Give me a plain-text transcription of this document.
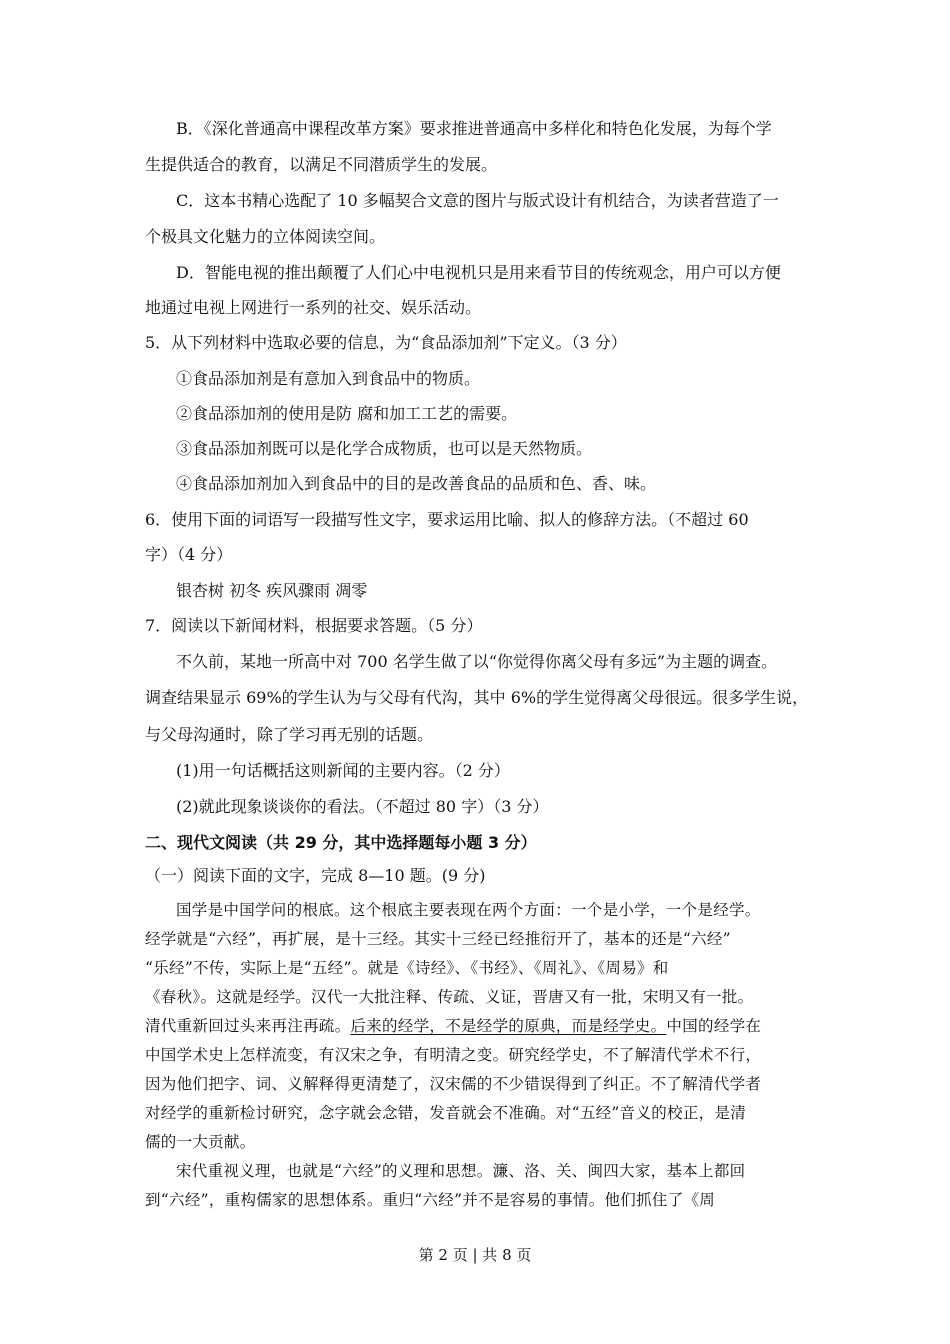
B．《深化普通高中课程改革方案》要求推进普通高中多样化和特色化发展，为每个学
生提供适合的教育，以满足不同潜质学生的发展。
C．这本书精心选配了 10 多幅契合文意的图片与版式设计有机结合，为读者营造了一
个极具文化魅力的立体阅读空间。
D．智能电视的推出颠覆了人们心中电视机只是用来看节目的传统观念，用户可以方便
地通过电视上网进行一系列的社交、娱乐活动。
5．从下列材料中选取必要的信息，为“食品添加剂”下定义。（3 分）
①食品添加剂是有意加入到食品中的物质。
②食品添加剂的使用是防 腐和加工工艺的需要。
③食品添加剂既可以是化学合成物质，也可以是天然物质。
④食品添加剂加入到食品中的目的是改善食品的品质和色、香、味。
6．使用下面的词语写一段描写性文字，要求运用比喻、拟人的修辞方法。（不超过 60
字）（4 分）
银杏树 初冬 疾风骤雨 凋零
7．阅读以下新闻材料，根据要求答题。（5 分）
不久前，某地一所高中对 700 名学生做了以“你觉得你离父母有多远”为主题的调查。
调查结果显示 69%的学生认为与父母有代沟，其中 6%的学生觉得离父母很远。很多学生说，
与父母沟通时，除了学习再无别的话题。
(1)用一句话概括这则新闻的主要内容。（2 分）
(2)就此现象谈谈你的看法。（不超过 80 字）（3 分）
二、现代文阅读（共 29 分，其中选择题每小题 3 分）
（一）阅读下面的文字，完成 8—10 题。(9 分)
国学是中国学问的根底。这个根底主要表现在两个方面：一个是小学，一个是经学。
经学就是“六经”，再扩展，是十三经。其实十三经已经推衍开了，基本的还是“六经”
“乐经”不传，实际上是“五经”。就是《诗经》、《书经》、《周礼》、《周易》和
《春秋》。这就是经学。汉代一大批注释、传疏、义证，晋唐又有一批，宋明又有一批。
清代重新回过头来再注再疏。后来的经学，不是经学的原典，而是经学史。中国的经学在
中国学术史上怎样流变，有汉宋之争，有明清之变。研究经学史，不了解清代学术不行，
因为他们把字、词、义解释得更清楚了，汉宋儒的不少错误得到了纠正。不了解清代学者
对经学的重新检讨研究，念字就会念错，发音就会不准确。对“五经”音义的校正，是清
儒的一大贡献。
宋代重视义理，也就是“六经”的义理和思想。濂、洛、关、闽四大家，基本上都回
到“六经”，重构儒家的思想体系。重归“六经”并不是容易的事情。他们抓住了《周
第 2 页 | 共 8 页
